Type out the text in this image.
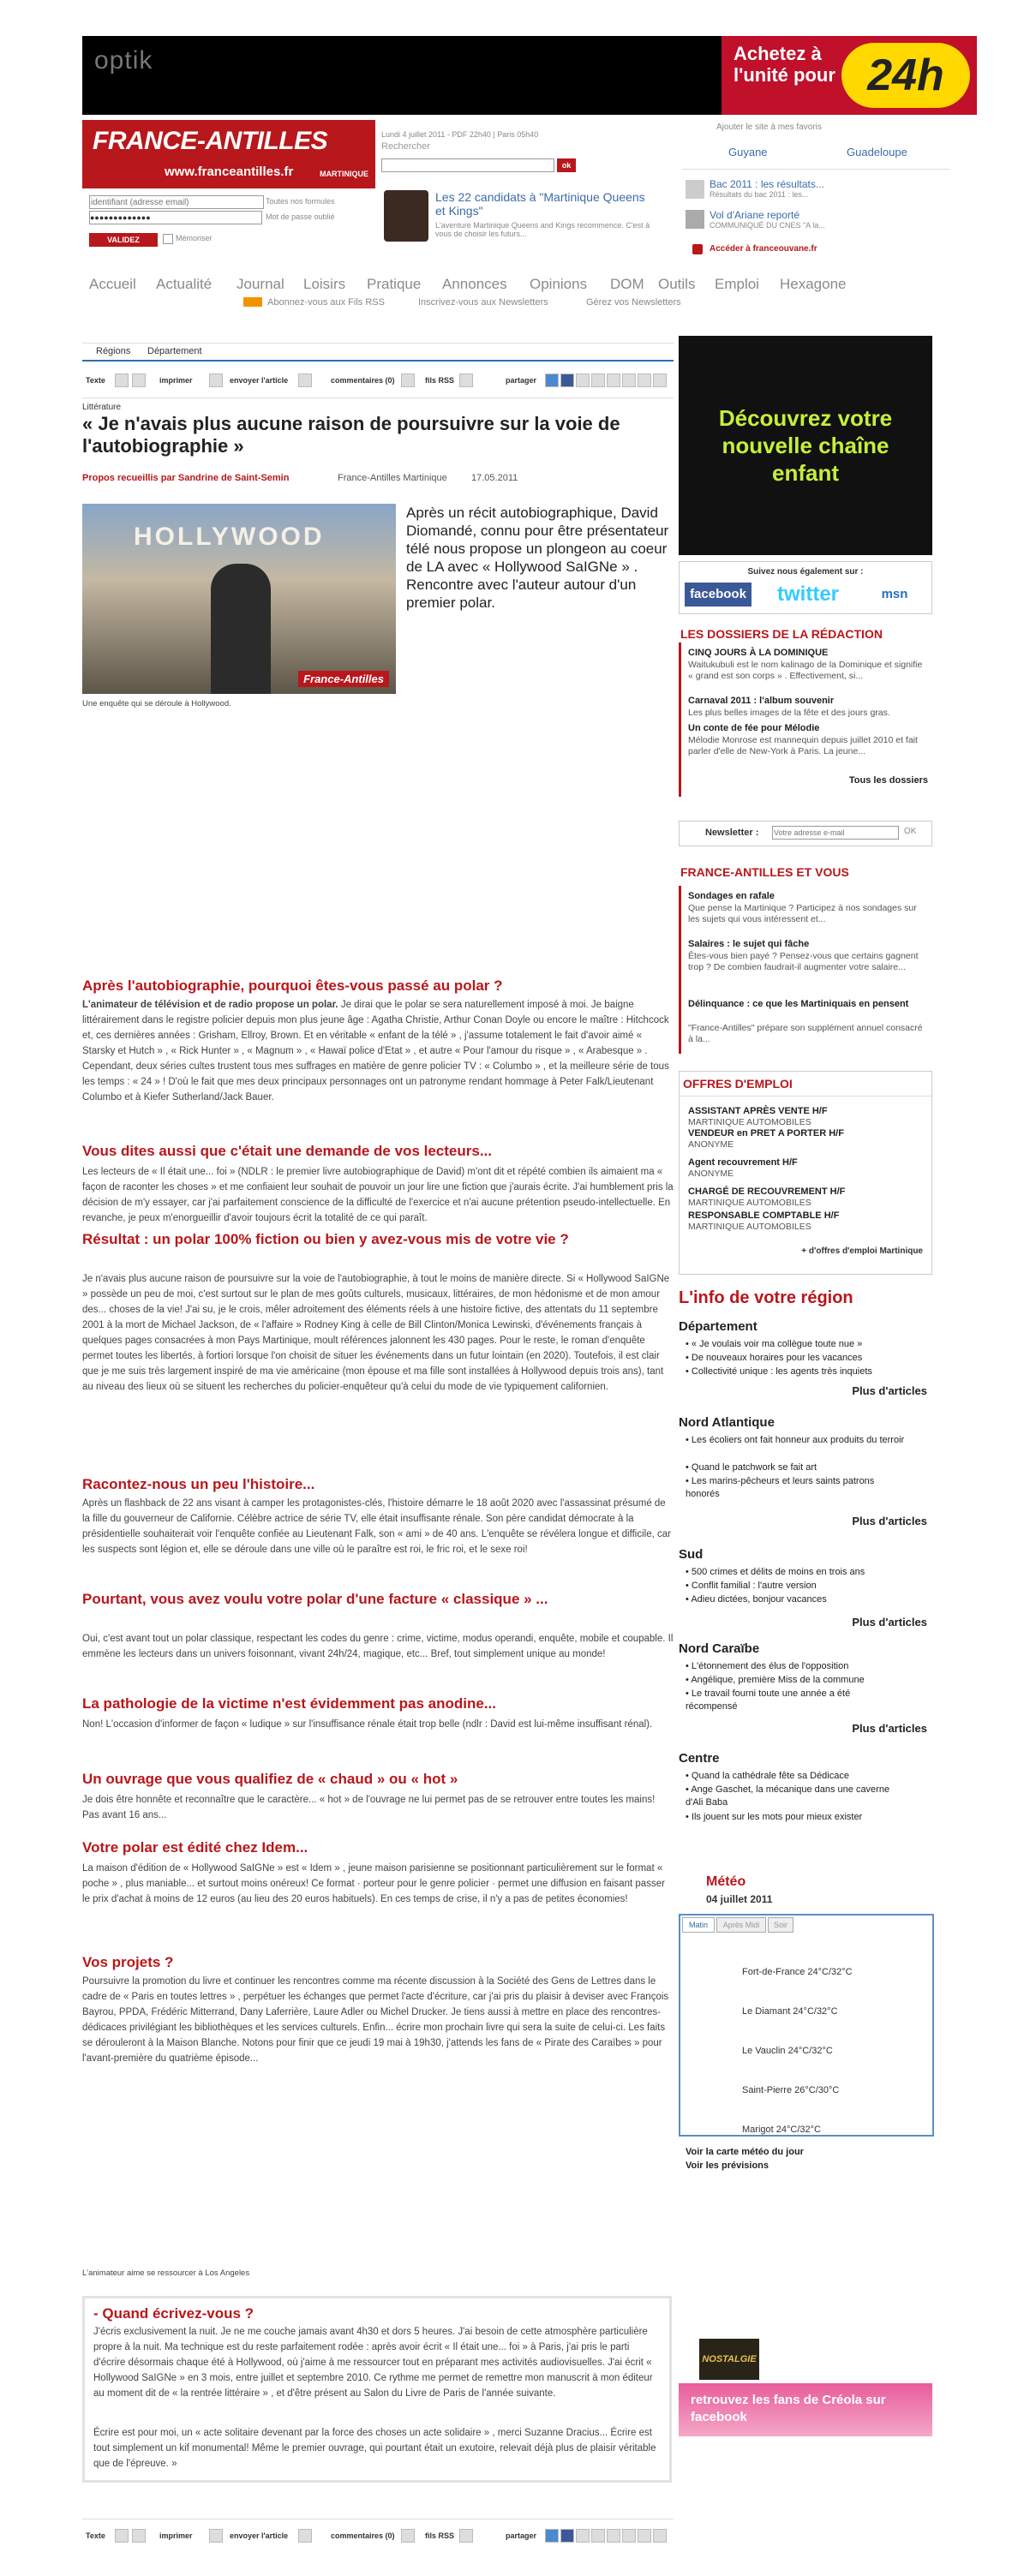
optik	Achetez à l'unité pour 24h
FRANCE-ANTILLES
www.franceantilles.fr	MARTINIQUE
Lundi 4 juillet 2011 - PDF 22h40 | Paris 05h40
Rechercher
ok
identifiant (adresse email)
●●●●●●●●●●●●●
Toutes nos formules
Mot de passe oublié
VALIDEZ	Mémoriser
Les 22 candidats à "Martinique Queens et Kings"
L'aventure Martinique Queens and Kings recommence. C'est à vous de choisir les futurs...
Ajouter le site à mes favoris
Guyane	Guadeloupe
Bac 2011 : les résultats...
Résultats du bac 2011 : les...
Vol d'Ariane reporté
COMMUNIQUÉ DU CNES "A la...
Accéder à franceouvane.fr
Accueil Actualité Journal Loisirs Pratique Annonces Opinions DOM Outils Emploi Hexagone
Abonnez-vous aux Fils RSS	Inscrivez-vous aux Newsletters	Gérez vos Newsletters
Régions Département
Texte	imprimer	envoyer l'article	commentaires (0)	fils RSS	partager
Littérature
« Je n'avais plus aucune raison de poursuivre sur la voie de l'autobiographie »
Propos recueillis par Sandrine de Saint-Semin	France-Antilles Martinique	17.05.2011
HOLLYWOOD
France-Antilles
Une enquête qui se déroule à Hollywood.
Après un récit autobiographique, David Diomandé, connu pour être présentateur télé nous propose un plongeon au coeur de LA avec « Hollywood SaIGNe » . Rencontre avec l'auteur autour d'un premier polar.
Après l'autobiographie, pourquoi êtes-vous passé au polar ?
L'animateur de télévision et de radio propose un polar. Je dirai que le polar se sera naturellement imposé à moi. Je baigne littérairement dans le registre policier depuis mon plus jeune âge : Agatha Christie, Arthur Conan Doyle ou encore le maître : Hitchcock et, ces dernières années : Grisham, Ellroy, Brown. Et en véritable « enfant de la télé » , j'assume totalement le fait d'avoir aimé « Starsky et Hutch » , « Rick Hunter » , « Magnum » , « Hawaï police d'Etat » , et autre « Pour l'amour du risque » , « Arabesque » . Cependant, deux séries cultes trustent tous mes suffrages en matière de genre policier TV : « Columbo » , et la meilleure série de tous les temps : « 24 » ! D'où le fait que mes deux principaux personnages ont un patronyme rendant hommage à Peter Falk/Lieutenant Columbo et à Kiefer Sutherland/Jack Bauer.
Vous dites aussi que c'était une demande de vos lecteurs...
Les lecteurs de « Il était une... foi » (NDLR : le premier livre autobiographique de David) m'ont dit et répété combien ils aimaient ma « façon de raconter les choses » et me confiaient leur souhait de pouvoir un jour lire une fiction que j'aurais écrite. J'ai humblement pris la décision de m'y essayer, car j'ai parfaitement conscience de la difficulté de l'exercice et n'ai aucune prétention pseudo-intellectuelle. En revanche, je peux m'enorgueillir d'avoir toujours écrit la totalité de ce qui paraît.
Résultat : un polar 100% fiction ou bien y avez-vous mis de votre vie ?
Je n'avais plus aucune raison de poursuivre sur la voie de l'autobiographie, à tout le moins de manière directe. Si « Hollywood SaIGNe » possède un peu de moi, c'est surtout sur le plan de mes goûts culturels, musicaux, littéraires, de mon hédonisme et de mon amour des... choses de la vie! J'ai su, je le crois, mêler adroitement des éléments réels à une histoire fictive, des attentats du 11 septembre 2001 à la mort de Michael Jackson, de « l'affaire » Rodney King à celle de Bill Clinton/Monica Lewinski, d'événements français à quelques pages consacrées à mon Pays Martinique, moult références jalonnent les 430 pages. Pour le reste, le roman d'enquête permet toutes les libertés, à fortiori lorsque l'on choisit de situer les événements dans un futur lointain (en 2020). Toutefois, il est clair que je me suis très largement inspiré de ma vie américaine (mon épouse et ma fille sont installées à Hollywood depuis trois ans), tant au niveau des lieux où se situent les recherches du policier-enquêteur qu'à celui du mode de vie typiquement californien.
Racontez-nous un peu l'histoire...
Après un flashback de 22 ans visant à camper les protagonistes-clés, l'histoire démarre le 18 août 2020 avec l'assassinat présumé de la fille du gouverneur de Californie. Célèbre actrice de série TV, elle était insuffisante rénale. Son père candidat démocrate à la présidentielle souhaiterait voir l'enquête confiée au Lieutenant Falk, son « ami » de 40 ans. L'enquête se révélera longue et difficile, car les suspects sont légion et, elle se déroule dans une ville où le paraître est roi, le fric roi, et le sexe roi!
Pourtant, vous avez voulu votre polar d'une facture « classique » ...
Oui, c'est avant tout un polar classique, respectant les codes du genre : crime, victime, modus operandi, enquête, mobile et coupable. Il emmène les lecteurs dans un univers foisonnant, vivant 24h/24, magique, etc... Bref, tout simplement unique au monde!
La pathologie de la victime n'est évidemment pas anodine...
Non! L'occasion d'informer de façon « ludique » sur l'insuffisance rénale était trop belle (ndlr : David est lui-même insuffisant rénal).
Un ouvrage que vous qualifiez de « chaud » ou « hot »
Je dois être honnête et reconnaître que le caractère... « hot » de l'ouvrage ne lui permet pas de se retrouver entre toutes les mains! Pas avant 16 ans...
Votre polar est édité chez Idem...
La maison d'édition de « Hollywood SaIGNe » est « Idem » , jeune maison parisienne se positionnant particulièrement sur le format « poche » , plus maniable... et surtout moins onéreux! Ce format · porteur pour le genre policier · permet une diffusion en faisant passer le prix d'achat à moins de 12 euros (au lieu des 20 euros habituels). En ces temps de crise, il n'y a pas de petites économies!
Vos projets ?
Poursuivre la promotion du livre et continuer les rencontres comme ma récente discussion à la Société des Gens de Lettres dans le cadre de « Paris en toutes lettres » , perpétuer les échanges que permet l'acte d'écriture, car j'ai pris du plaisir à deviser avec François Bayrou, PPDA, Frédéric Mitterrand, Dany Laferrière, Laure Adler ou Michel Drucker. Je tiens aussi à mettre en place des rencontres-dédicaces privilégiant les bibliothèques et les services culturels. Enfin... écrire mon prochain livre qui sera la suite de celui-ci. Les faits se dérouleront à la Maison Blanche. Notons pour finir que ce jeudi 19 mai à 19h30, j'attends les fans de « Pirate des Caraïbes » pour l'avant-première du quatrième épisode...
L'animateur aime se ressourcer à Los Angeles
- Quand écrivez-vous ?
J'écris exclusivement la nuit. Je ne me couche jamais avant 4h30 et dors 5 heures. J'ai besoin de cette atmosphère particulière propre à la nuit. Ma technique est du reste parfaitement rodée : après avoir écrit « Il était une... foi » à Paris, j'ai pris le parti d'écrire désormais chaque été à Hollywood, où j'aime à me ressourcer tout en préparant mes activités audiovisuelles. J'ai écrit « Hollywood SaIGNe » en 3 mois, entre juillet et septembre 2010. Ce rythme me permet de remettre mon manuscrit à mon éditeur au moment dit de « la rentrée littéraire » , et d'être présent au Salon du Livre de Paris de l'année suivante.
Écrire est pour moi, un « acte solitaire devenant par la force des choses un acte solidaire » , merci Suzanne Dracius... Écrire est tout simplement un kif monumental! Même le premier ouvrage, qui pourtant était un exutoire, relevait déjà plus de plaisir véritable que de l'épreuve. »
Texte	imprimer	envoyer l'article	commentaires (0)	fils RSS	partager
Découvrez votre nouvelle chaîne enfant
Suivez nous également sur :
facebook	twitter	msn
LES DOSSIERS DE LA RÉDACTION
CINQ JOURS À LA DOMINIQUE
Waitukubuli est le nom kalinago de la Dominique et signifie « grand est son corps » . Effectivement, si...
Carnaval 2011 : l'album souvenir
Les plus belles images de la fête et des jours gras.
Un conte de fée pour Mélodie
Mélodie Monrose est mannequin depuis juillet 2010 et fait parler d'elle de New-York à Paris. La jeune...
Tous les dossiers
Newsletter :
Votre adresse e-mail	OK
FRANCE-ANTILLES ET VOUS
Sondages en rafale
Que pense la Martinique ? Participez à nos sondages sur les sujets qui vous intéressent et...
Salaires : le sujet qui fâche
Êtes-vous bien payé ? Pensez-vous que certains gagnent trop ? De combien faudrait-il augmenter votre salaire...
Délinquance : ce que les Martiniquais en pensent
"France-Antilles" prépare son supplément annuel consacré à la...
OFFRES D'EMPLOI
ASSISTANT APRÈS VENTE H/F
MARTINIQUE AUTOMOBILES
VENDEUR en PRET A PORTER H/F
ANONYME
Agent recouvrement H/F
ANONYME
CHARGÉ DE RECOUVREMENT H/F
MARTINIQUE AUTOMOBILES
RESPONSABLE COMPTABLE H/F
MARTINIQUE AUTOMOBILES
+ d'offres d'emploi Martinique
L'info de votre région
Département
• « Je voulais voir ma collègue toute nue »
• De nouveaux horaires pour les vacances
• Collectivité unique : les agents très inquiets
Plus d'articles
Nord Atlantique
• Les écoliers ont fait honneur aux produits du terroir
• Quand le patchwork se fait art
• Les marins-pêcheurs et leurs saints patrons honorés
Plus d'articles
Sud
• 500 crimes et délits de moins en trois ans
• Conflit familial : l'autre version
• Adieu dictées, bonjour vacances
Plus d'articles
Nord Caraïbe
• L'étonnement des élus de l'opposition
• Angélique, première Miss de la commune
• Le travail fourni toute une année a été récompensé
Plus d'articles
Centre
• Quand la cathédrale fête sa Dédicace
• Ange Gaschet, la mécanique dans une caverne d'Ali Baba
• Ils jouent sur les mots pour mieux exister
Météo
04 juillet 2011
Matin	Après Midi	Soir
Fort-de-France 24°C/32°C
Le Diamant 24°C/32°C
Le Vauclin 24°C/32°C
Saint-Pierre 26°C/30°C
Marigot 24°C/32°C
Voir la carte météo du jour
Voir les prévisions
NOSTALGIE
retrouvez les fans de Créola sur facebook
